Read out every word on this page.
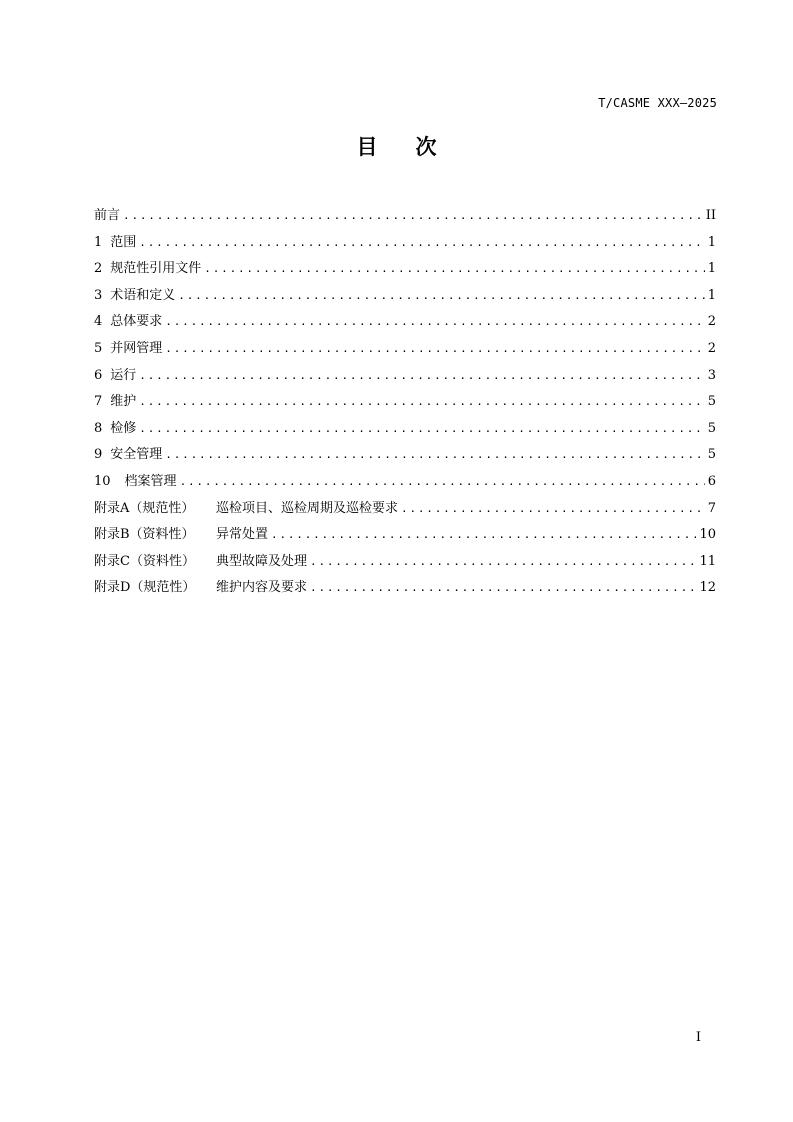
T/CASME XXX—2025
目次
前言 .....	II
1 范围 .....	1
2 规范性引用文件 .....	1
3 术语和定义 .....	1
4 总体要求 .....	2
5 并网管理 .....	2
6 运行 .....	3
7 维护 .....	5
8 检修 .....	5
9 安全管理 .....	5
10 档案管理 .....	6
附录A（规范性） 巡检项目、巡检周期及巡检要求 .....	7
附录B（资料性） 异常处置 .....	10
附录C（资料性） 典型故障及处理 .....	11
附录D（规范性） 维护内容及要求 .....	12
I
